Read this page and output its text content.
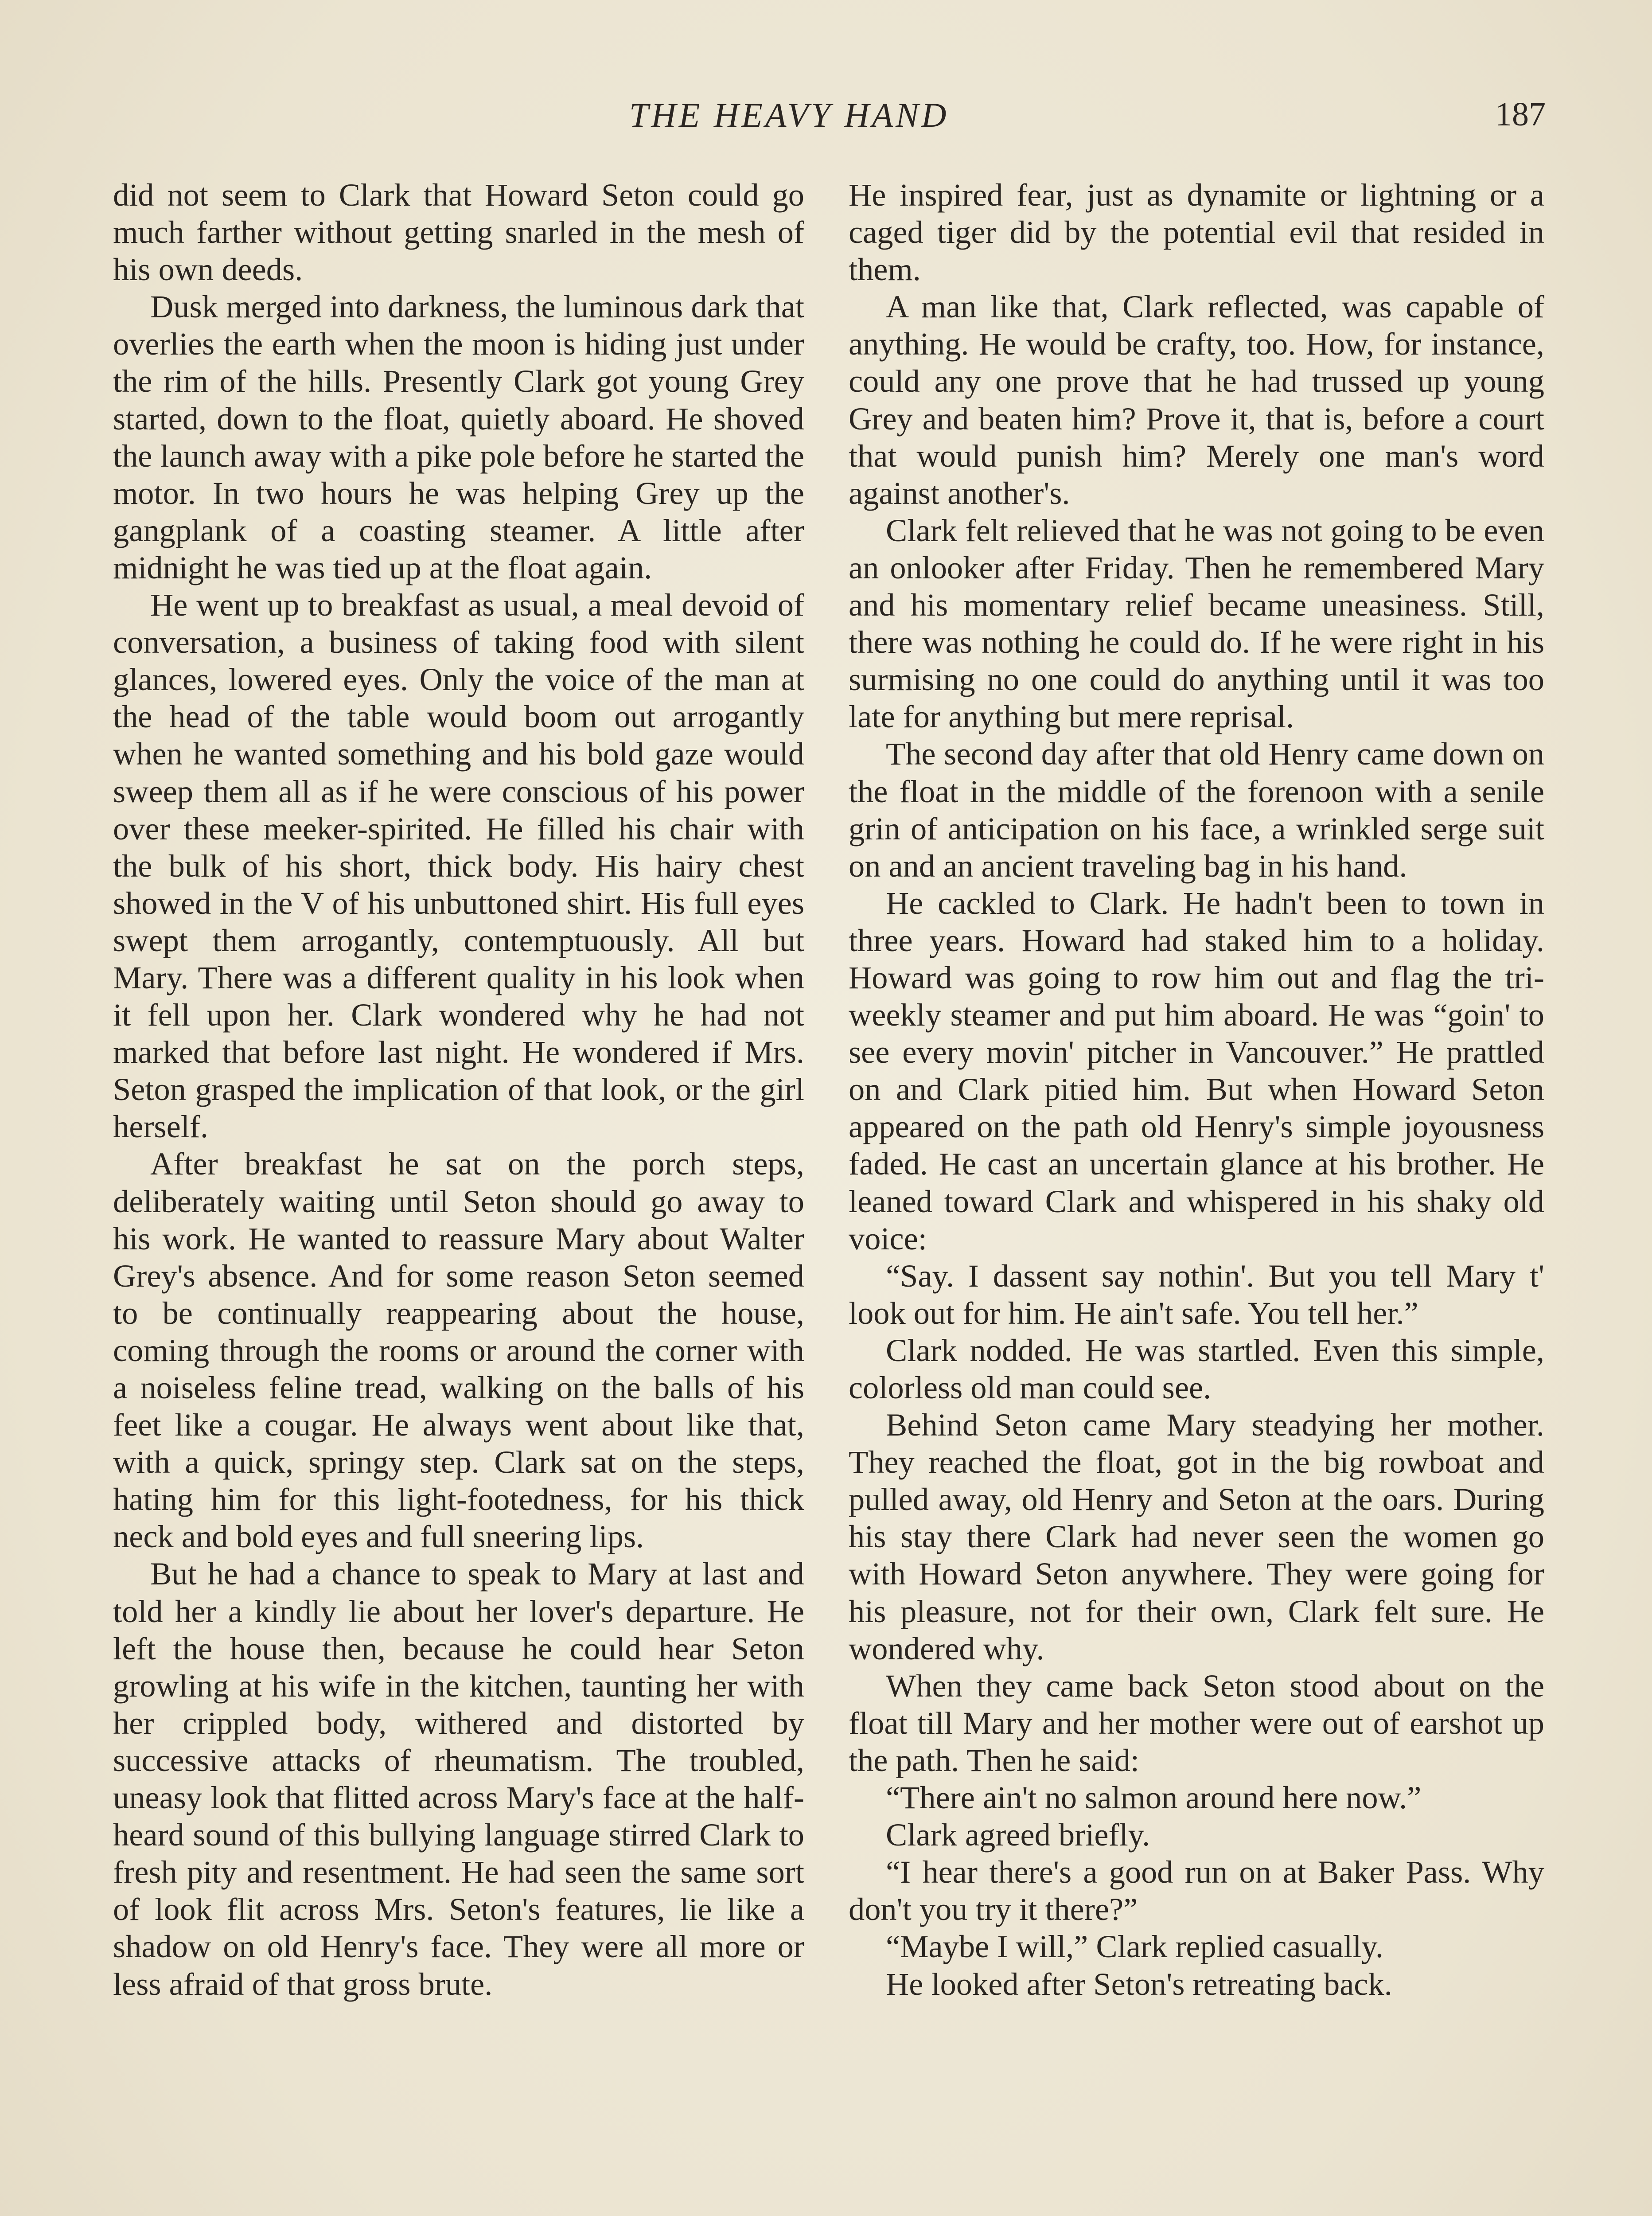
THE HEAVY HAND	187

did not seem to Clark that Howard Seton could go much farther without getting snarled in the mesh of his own deeds.

Dusk merged into darkness, the luminous dark that overlies the earth when the moon is hiding just under the rim of the hills. Presently Clark got young Grey started, down to the float, quietly aboard. He shoved the launch away with a pike pole before he started the motor. In two hours he was helping Grey up the gangplank of a coasting steamer. A little after midnight he was tied up at the float again.

He went up to breakfast as usual, a meal devoid of conversation, a business of taking food with silent glances, lowered eyes. Only the voice of the man at the head of the table would boom out arrogantly when he wanted something and his bold gaze would sweep them all as if he were conscious of his power over these meeker-spirited. He filled his chair with the bulk of his short, thick body. His hairy chest showed in the V of his unbuttoned shirt. His full eyes swept them arrogantly, contemptuously. All but Mary. There was a different quality in his look when it fell upon her. Clark wondered why he had not marked that before last night. He wondered if Mrs. Seton grasped the implication of that look, or the girl herself.

After breakfast he sat on the porch steps, deliberately waiting until Seton should go away to his work. He wanted to reassure Mary about Walter Grey's absence. And for some reason Seton seemed to be continually reappearing about the house, coming through the rooms or around the corner with a noiseless feline tread, walking on the balls of his feet like a cougar. He always went about like that, with a quick, springy step. Clark sat on the steps, hating him for this light-footedness, for his thick neck and bold eyes and full sneering lips.

But he had a chance to speak to Mary at last and told her a kindly lie about her lover's departure. He left the house then, because he could hear Seton growling at his wife in the kitchen, taunting her with her crippled body, withered and distorted by successive attacks of rheumatism. The troubled, uneasy look that flitted across Mary's face at the half-heard sound of this bullying language stirred Clark to fresh pity and resentment. He had seen the same sort of look flit across Mrs. Seton's features, lie like a shadow on old Henry's face. They were all more or less afraid of that gross brute.

He inspired fear, just as dynamite or lightning or a caged tiger did by the potential evil that resided in them.

A man like that, Clark reflected, was capable of anything. He would be crafty, too. How, for instance, could any one prove that he had trussed up young Grey and beaten him? Prove it, that is, before a court that would punish him? Merely one man's word against another's.

Clark felt relieved that he was not going to be even an onlooker after Friday. Then he remembered Mary and his momentary relief became uneasiness. Still, there was nothing he could do. If he were right in his surmising no one could do anything until it was too late for anything but mere reprisal.

The second day after that old Henry came down on the float in the middle of the forenoon with a senile grin of anticipation on his face, a wrinkled serge suit on and an ancient traveling bag in his hand.

He cackled to Clark. He hadn't been to town in three years. Howard had staked him to a holiday. Howard was going to row him out and flag the tri-weekly steamer and put him aboard. He was “goin' to see every movin' pitcher in Vancouver.” He prattled on and Clark pitied him. But when Howard Seton appeared on the path old Henry's simple joyousness faded. He cast an uncertain glance at his brother. He leaned toward Clark and whispered in his shaky old voice:

“Say. I dassent say nothin'. But you tell Mary t' look out for him. He ain't safe. You tell her.”

Clark nodded. He was startled. Even this simple, colorless old man could see.

Behind Seton came Mary steadying her mother. They reached the float, got in the big rowboat and pulled away, old Henry and Seton at the oars. During his stay there Clark had never seen the women go with Howard Seton anywhere. They were going for his pleasure, not for their own, Clark felt sure. He wondered why.

When they came back Seton stood about on the float till Mary and her mother were out of earshot up the path. Then he said:

“There ain't no salmon around here now.”

Clark agreed briefly.

“I hear there's a good run on at Baker Pass. Why don't you try it there?”

“Maybe I will,” Clark replied casually.

He looked after Seton's retreating back.
